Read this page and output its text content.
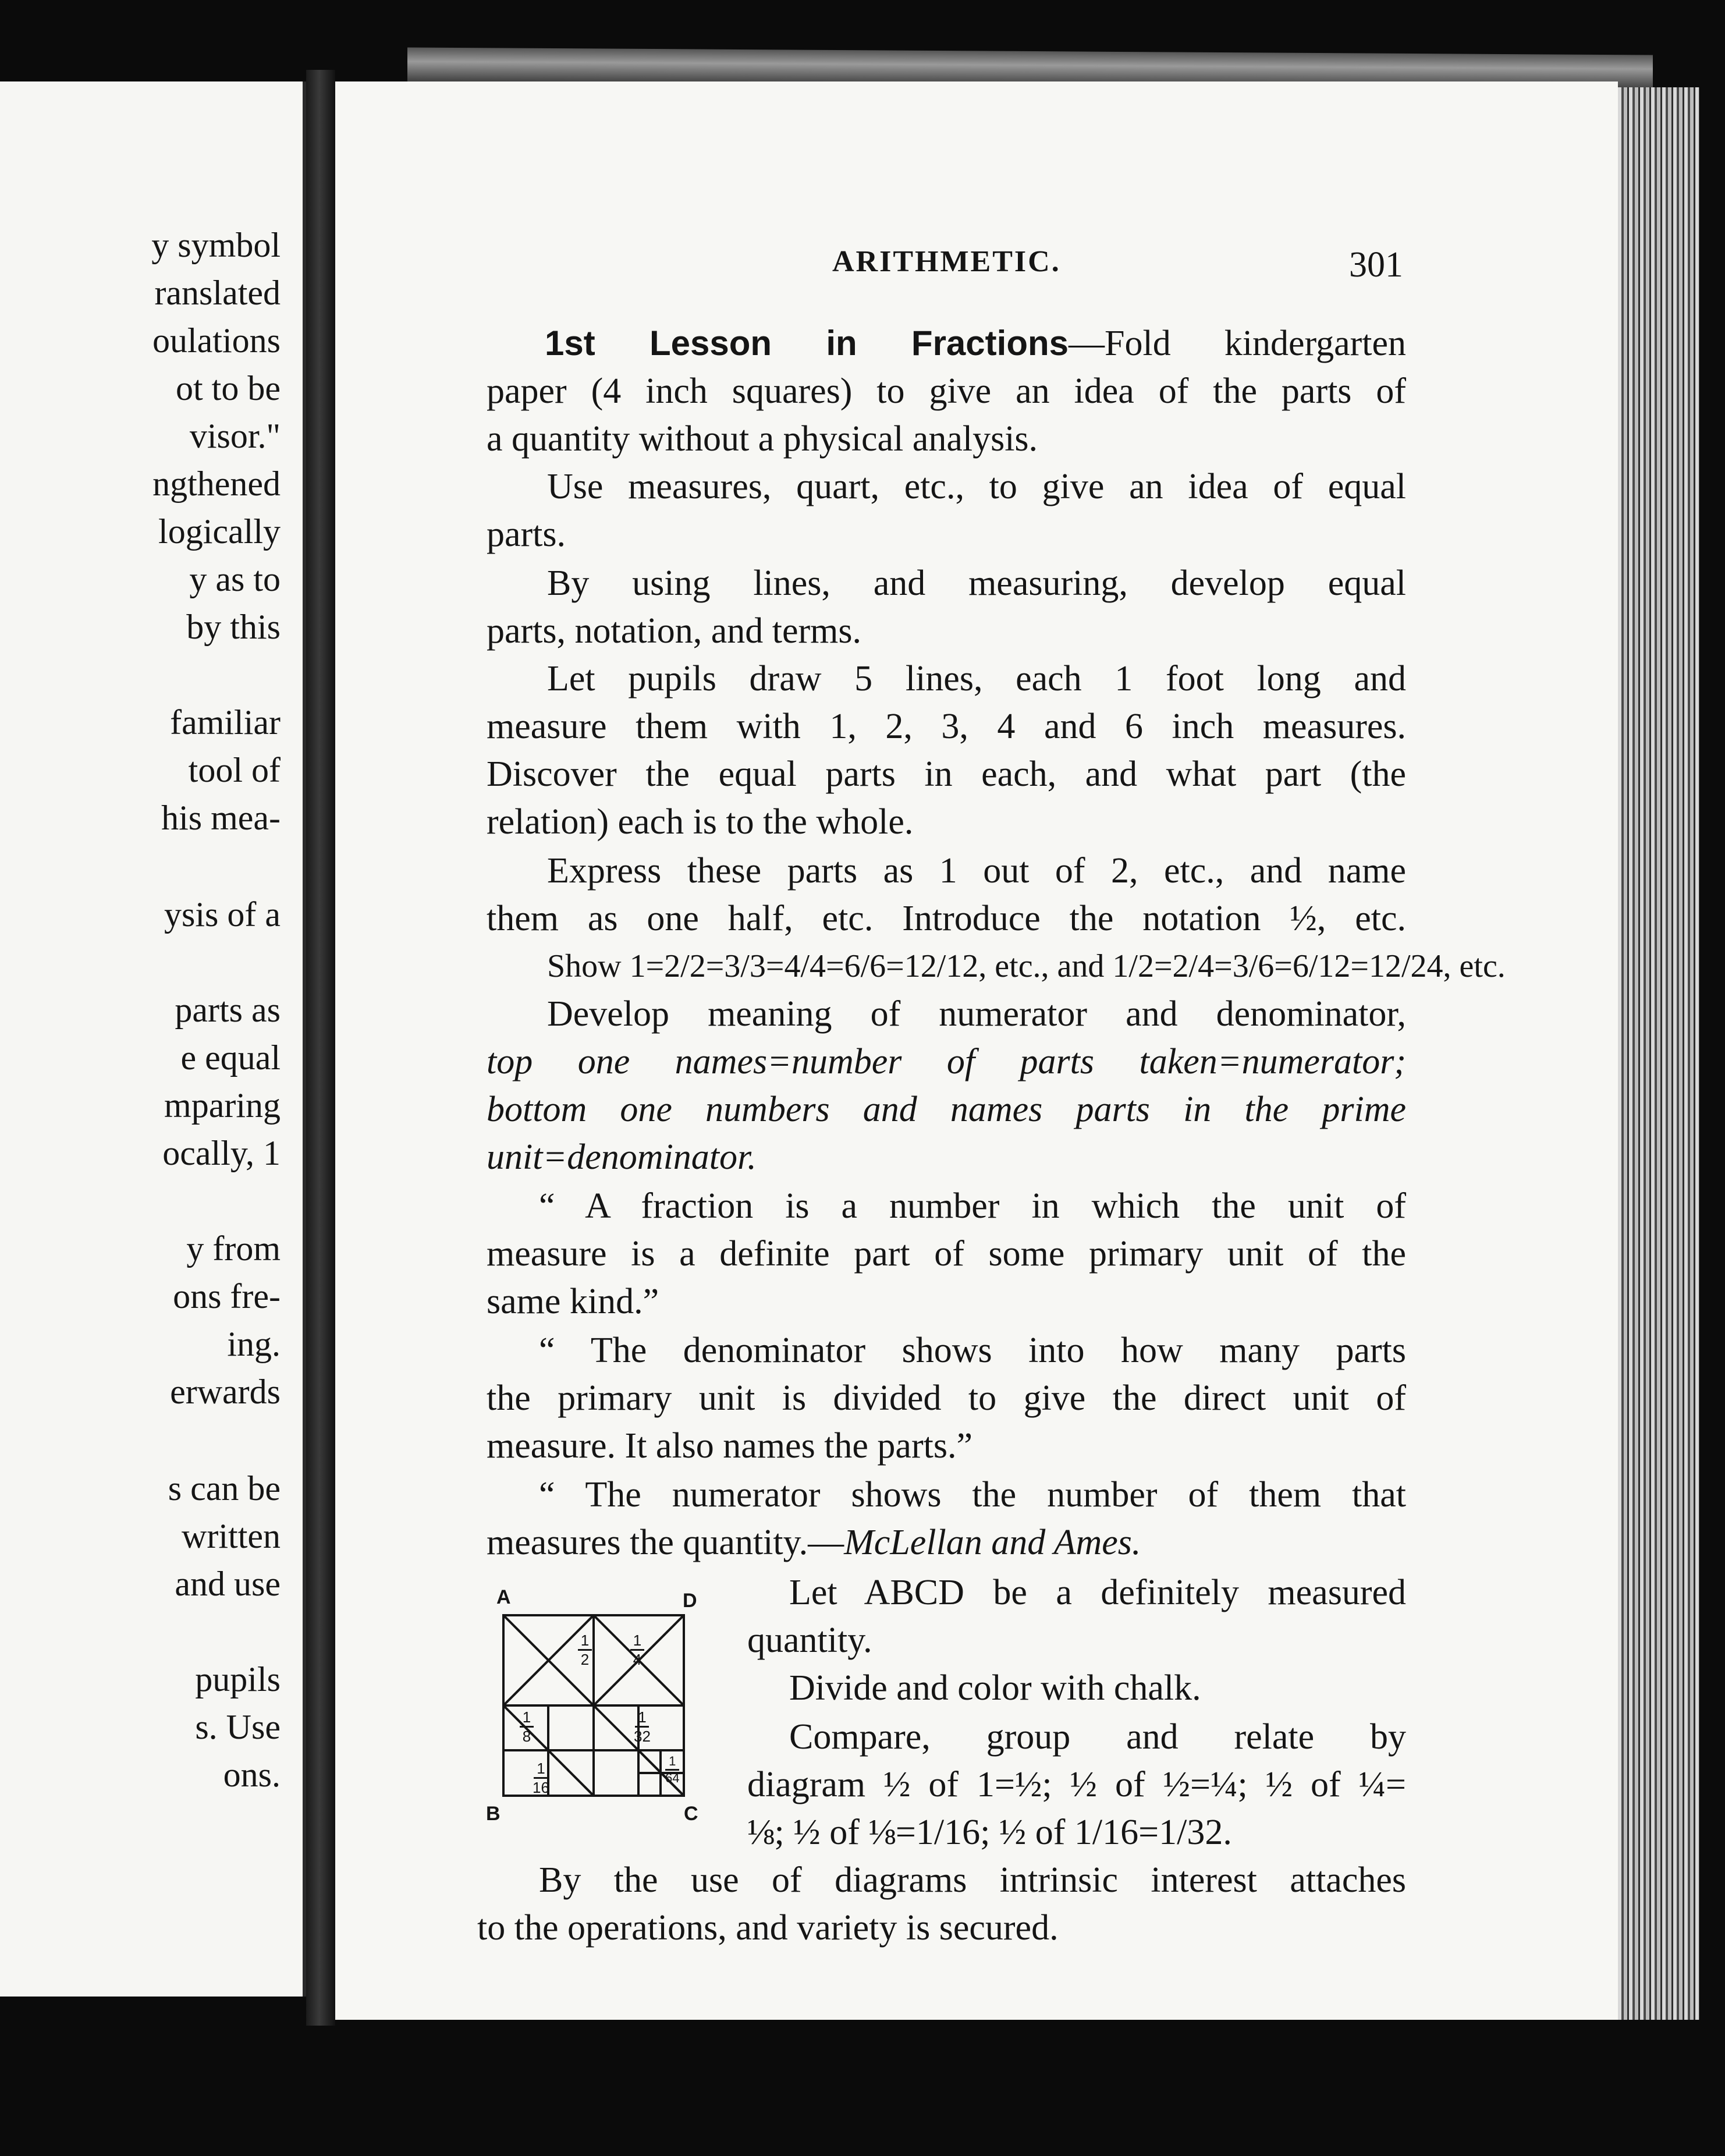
y symbol
ranslated
oulations
ot to be
visor."
ngthened
logically
y as to
by this
familiar
tool of
his mea-
ysis of a
parts as
e equal
mparing
ocally, 1
y from
ons fre-
ing.
erwards
s can be
written
and use
pupils
s. Use
ons.
ARITHMETIC.	301
1st Lesson in Fractions—Fold kindergarten
paper (4 inch squares) to give an idea of the parts of
a quantity without a physical analysis.
Use measures, quart, etc., to give an idea of equal
parts.
By using lines, and measuring, develop equal
parts, notation, and terms.
Let pupils draw 5 lines, each 1 foot long and
measure them with 1, 2, 3, 4 and 6 inch measures.
Discover the equal parts in each, and what part (the
relation) each is to the whole.
Express these parts as 1 out of 2, etc., and name
them as one half, etc. Introduce the notation ½, etc.
Show 1=2/2=3/3=4/4=6/6=12/12, etc., and 1/2=2/4=3/6=6/12=12/24, etc.
Develop meaning of numerator and denominator,
top one names=number of parts taken=numerator;
bottom one numbers and names parts in the prime
unit=denominator.
“ A fraction is a number in which the unit of
measure is a definite part of some primary unit of the
same kind.”
“ The denominator shows into how many parts
the primary unit is divided to give the direct unit of
measure. It also names the parts.”
“ The numerator shows the number of them that
measures the quantity.—McLellan and Ames.
Let ABCD be a definitely measured
quantity.
Divide and color with chalk.
Compare, group and relate by
diagram ½ of 1=½; ½ of ½=¼; ½ of ¼=
⅛; ½ of ⅛=1/16; ½ of 1/16=1/32.
By the use of diagrams intrinsic interest attaches
to the operations, and variety is secured.
A	D
B	C
1
2
1
4
1
8
1
32
1
16
1
64
